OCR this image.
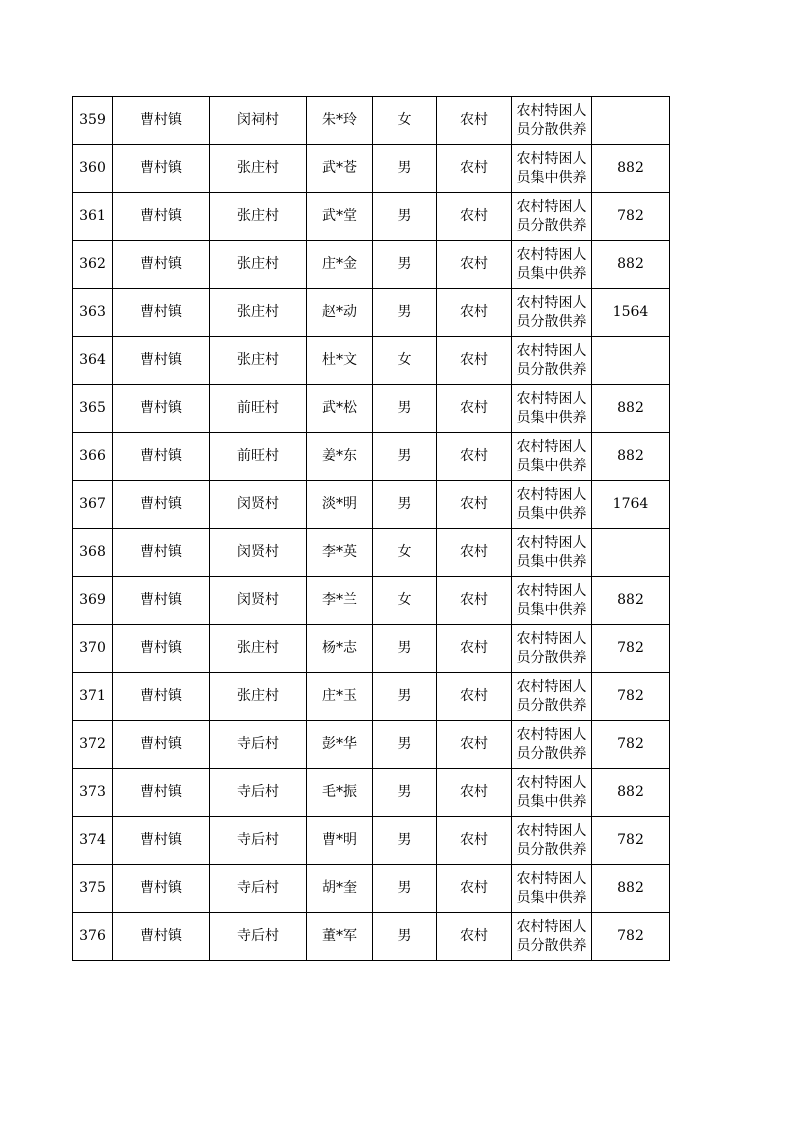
359	曹村镇	闵祠村	朱*玲	女	农村	农村特困人
员分散供养	

360	曹村镇	张庄村	武*苍	男	农村	农村特困人
员集中供养	882
361	曹村镇	张庄村	武*堂	男	农村	农村特困人
员分散供养	782
362	曹村镇	张庄村	庄*金	男	农村	农村特困人
员集中供养	882
363	曹村镇	张庄村	赵*动	男	农村	农村特困人
员分散供养	1564
364	曹村镇	张庄村	杜*文	女	农村	农村特困人
员分散供养	

365	曹村镇	前旺村	武*松	男	农村	农村特困人
员集中供养	882
366	曹村镇	前旺村	姜*东	男	农村	农村特困人
员集中供养	882
367	曹村镇	闵贤村	淡*明	男	农村	农村特困人
员集中供养	1764
368	曹村镇	闵贤村	李*英	女	农村	农村特困人
员集中供养	

369	曹村镇	闵贤村	李*兰	女	农村	农村特困人
员集中供养	882
370	曹村镇	张庄村	杨*志	男	农村	农村特困人
员分散供养	782
371	曹村镇	张庄村	庄*玉	男	农村	农村特困人
员分散供养	782
372	曹村镇	寺后村	彭*华	男	农村	农村特困人
员分散供养	782
373	曹村镇	寺后村	毛*振	男	农村	农村特困人
员集中供养	882
374	曹村镇	寺后村	曹*明	男	农村	农村特困人
员分散供养	782
375	曹村镇	寺后村	胡*奎	男	农村	农村特困人
员集中供养	882
376	曹村镇	寺后村	董*军	男	农村	农村特困人
员分散供养	782
